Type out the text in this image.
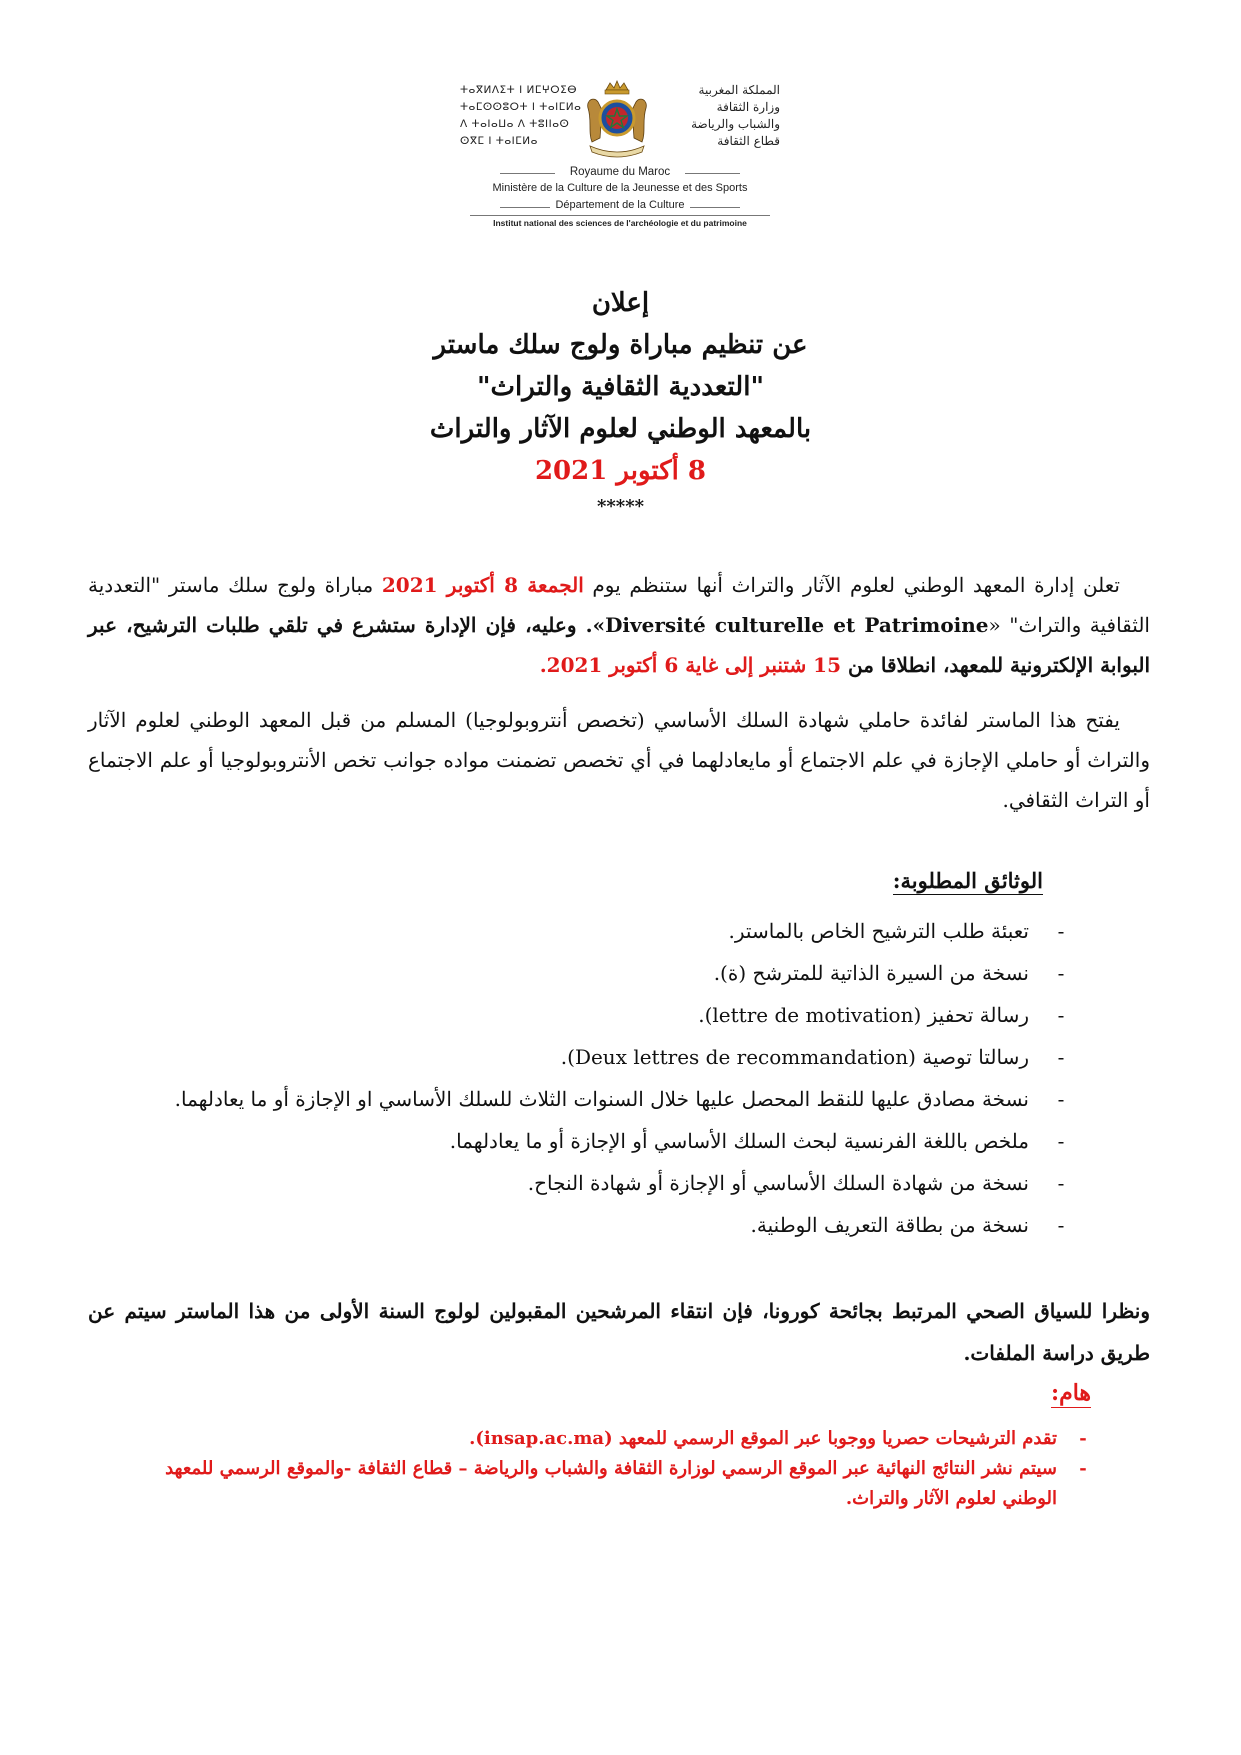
ⵜⴰⴳⵍⴷⵉⵜ ⵏ ⵍⵎⵖⵔⵉⴱ
ⵜⴰⵎⵙⵙⵓⵔⵜ ⵏ ⵜⴰⵏⵎⵍⴰ
ⴷ ⵜⴰⵏⴰⵡⴰ ⴷ ⵜⵓⵏⵏⴰⵙ
ⵙⴳⵎ ⵏ ⵜⴰⵏⵎⵍⴰ
المملكة المغربية
وزارة الثقافة
والشباب والرياضة
قطاع الثقافة
Royaume du Maroc
Ministère de la Culture de la Jeunesse et des Sports
Département de la Culture
Institut national des sciences de l'archéologie et du patrimoine
إعلان
عن تنظيم مباراة ولوج سلك ماستر
"التعددية الثقافية والتراث"
بالمعهد الوطني لعلوم الآثار والتراث
8 أكتوبر 2021
*****
تعلن إدارة المعهد الوطني لعلوم الآثار والتراث أنها ستنظم يوم الجمعة 8 أكتوبر 2021 مباراة ولوج سلك ماستر "التعددية الثقافية والتراث" «Diversité culturelle et Patrimoine». وعليه، فإن الإدارة ستشرع في تلقي طلبات الترشيح، عبر البوابة الإلكترونية للمعهد، انطلاقا من 15 شتنبر إلى غاية 6 أكتوبر 2021.
يفتح هذا الماستر لفائدة حاملي شهادة السلك الأساسي (تخصص أنتروبولوجيا) المسلم من قبل المعهد الوطني لعلوم الآثار والتراث أو حاملي الإجازة في علم الاجتماع أو مايعادلهما في أي تخصص تضمنت مواده جوانب تخص الأنتروبولوجيا أو علم الاجتماع أو التراث الثقافي.
الوثائق المطلوبة:
-
تعبئة طلب الترشيح الخاص بالماستر.
-
نسخة من السيرة الذاتية للمترشح (ة).
-
رسالة تحفيز (lettre de motivation).
-
رسالتا توصية (Deux lettres de recommandation).
-
نسخة مصادق عليها للنقط المحصل عليها خلال السنوات الثلاث للسلك الأساسي او الإجازة أو ما يعادلهما.
-
ملخص باللغة الفرنسية لبحث السلك الأساسي أو الإجازة أو ما يعادلهما.
-
نسخة من شهادة السلك الأساسي أو الإجازة أو شهادة النجاح.
-
نسخة من بطاقة التعريف الوطنية.
ونظرا للسياق الصحي المرتبط بجائحة كورونا، فإن انتقاء المرشحين المقبولين لولوج السنة الأولى من هذا الماستر سيتم عن طريق دراسة الملفات.
هام:
-
تقدم الترشيحات حصريا ووجوبا عبر الموقع الرسمي للمعهد (insap.ac.ma).
-
سيتم نشر النتائج النهائية عبر الموقع الرسمي لوزارة الثقافة والشباب والرياضة – قطاع الثقافة -والموقع الرسمي للمعهد الوطني لعلوم الآثار والتراث.
